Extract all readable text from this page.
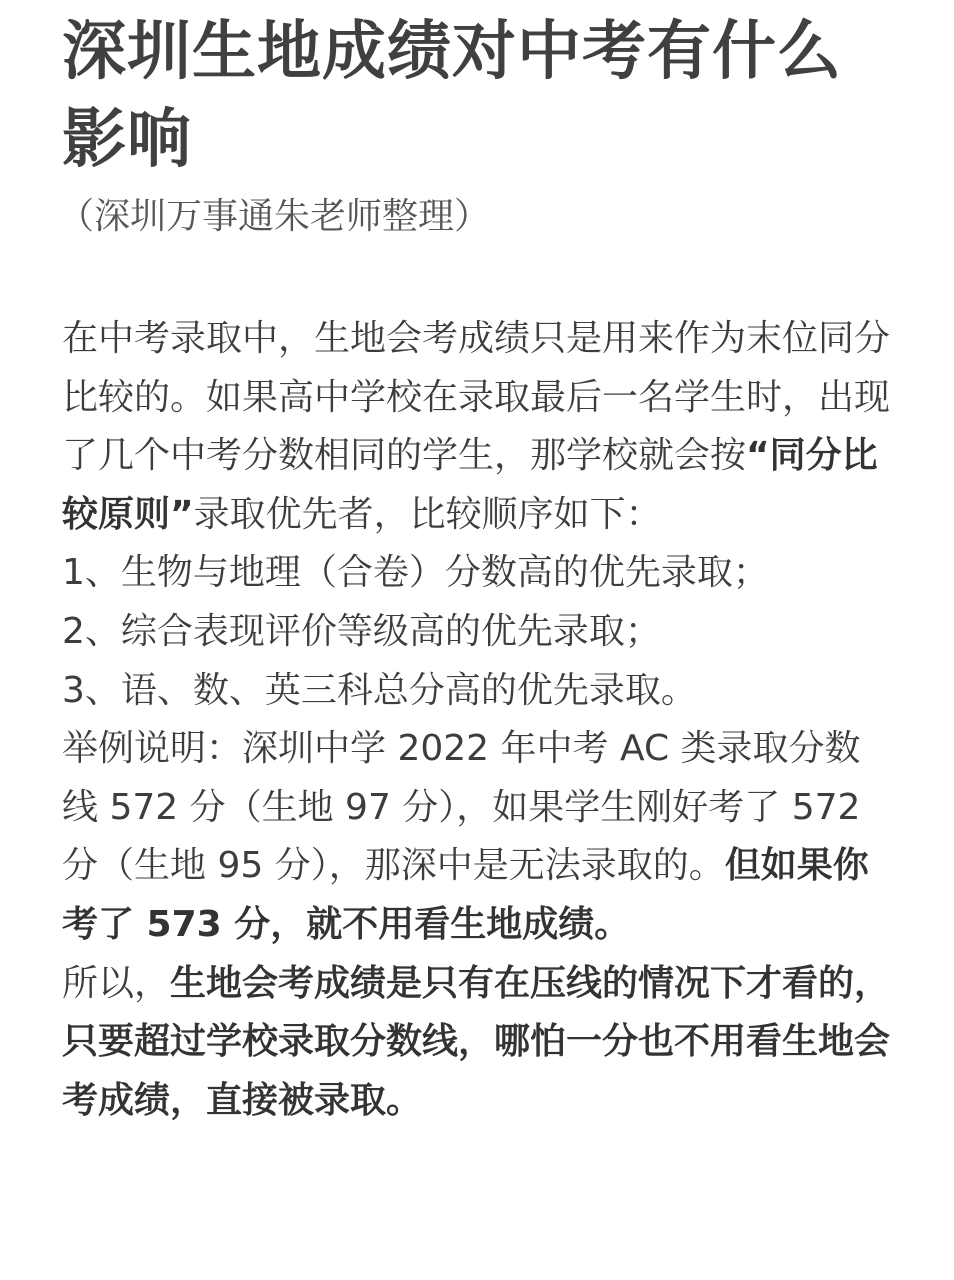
深圳生地成绩对中考有什么影响

（深圳万事通朱老师整理）

在中考录取中，生地会考成绩只是用来作为末位同分比较的。如果高中学校在录取最后一名学生时，出现了几个中考分数相同的学生，那学校就会按“同分比较原则”录取优先者，比较顺序如下：

1、生物与地理（合卷）分数高的优先录取；

2、综合表现评价等级高的优先录取；

3、语、数、英三科总分高的优先录取。

举例说明：深圳中学 2022 年中考 AC 类录取分数线 572 分（生地 97 分），如果学生刚好考了 572 分（生地 95 分），那深中是无法录取的。但如果你考了 573 分，就不用看生地成绩。

所以，生地会考成绩是只有在压线的情况下才看的，只要超过学校录取分数线，哪怕一分也不用看生地会考成绩，直接被录取。
